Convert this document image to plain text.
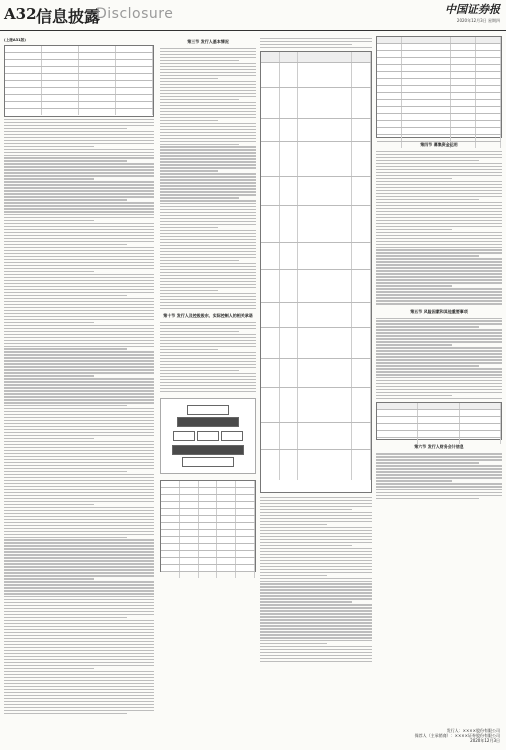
A32 信息披露
Disclosure	中国证券报
2020年12月3日 星期四
(上接A31版)	第三节 发行人基本情况
第十节 发行人及控股股东、实际控制人的相关承诺
第四节 募集资金运用
第五节 风险因素和其他重要事项
第六节 发行人财务会计信息
发行人：××××股份有限公司
保荐人（主承销商）：××××证券股份有限公司
2020年12月3日
